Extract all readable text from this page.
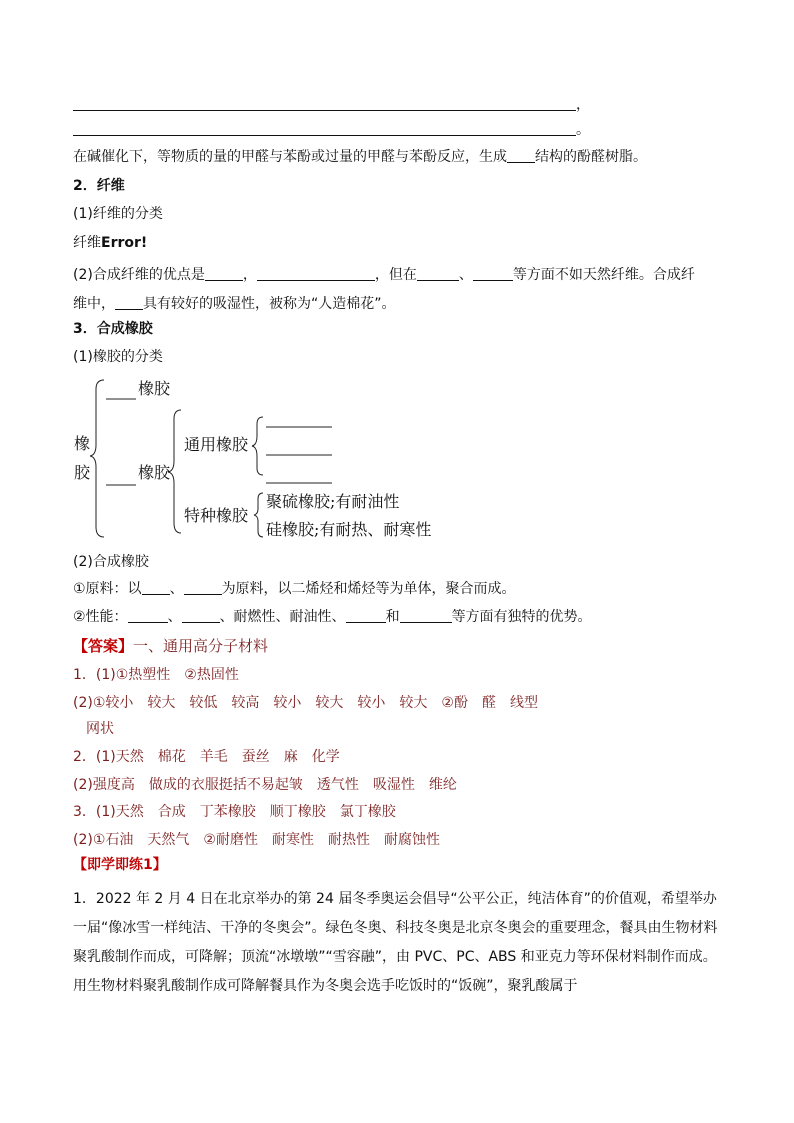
，
。
在碱催化下，等物质的量的甲醛与苯酚或过量的甲醛与苯酚反应，生成 结构的酚醛树脂。
2．纤维
(1)纤维的分类
纤维Error!
(2)合成纤维的优点是	，	，但在	、	等方面不如天然纤维。合成纤
维中， 具有较好的吸湿性，被称为“人造棉花”。
3．合成橡胶
(1)橡胶的分类
橡
胶
橡胶
橡胶
通用橡胶
特种橡胶
聚硫橡胶;有耐油性
硅橡胶;有耐热、耐寒性
(2)合成橡胶
①原料：以 、	为原料，以二烯烃和烯烃等为单体，聚合而成。
②性能：	、	、耐燃性、耐油性、	和	等方面有独特的优势。
【答案】一、通用高分子材料
1．(1)①热塑性 ②热固性
(2)①较小 较大 较低 较高 较小 较大 较小 较大 ②酚 醛 线型
网状
2．(1)天然 棉花 羊毛 蚕丝 麻 化学
(2)强度高 做成的衣服挺括不易起皱 透气性 吸湿性 维纶
3．(1)天然 合成 丁苯橡胶 顺丁橡胶 氯丁橡胶
(2)①石油 天然气 ②耐磨性 耐寒性 耐热性 耐腐蚀性
【即学即练1】
1．2022 年 2 月 4 日在北京举办的第 24 届冬季奥运会倡导“公平公正，纯洁体育”的价值观，希望举办一届“像冰雪一样纯洁、干净的冬奥会”。绿色冬奥、科技冬奥是北京冬奥会的重要理念，餐具由生物材料聚乳酸制作而成，可降解；顶流“冰墩墩”“雪容融”，由 PVC、PC、ABS 和亚克力等环保材料制作而成。用生物材料聚乳酸制作成可降解餐具作为冬奥会选手吃饭时的“饭碗”，聚乳酸属于
